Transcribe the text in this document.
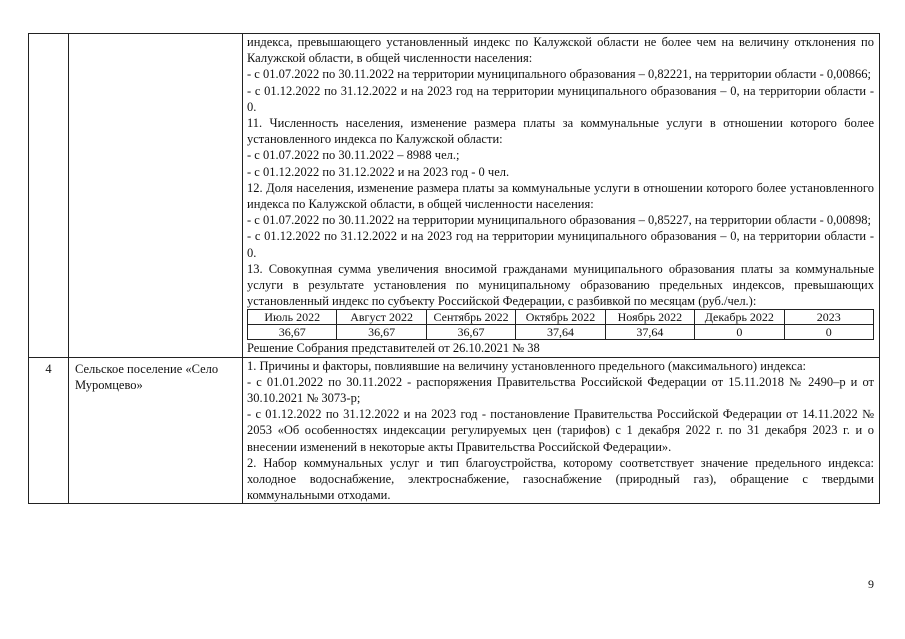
индекса, превышающего установленный индекс по Калужской области не более чем на величину отклонения по Калужской области, в общей численности населения:

- с 01.07.2022 по 30.11.2022 на территории муниципального образования – 0,82221, на территории области - 0,00866;

- с 01.12.2022 по 31.12.2022 и на 2023 год на территории муниципального образования – 0, на территории области - 0.

11. Численность населения, изменение размера платы за коммунальные услуги в отношении которого более установленного индекса по Калужской области:

- с 01.07.2022 по 30.11.2022 – 8988 чел.;

- с 01.12.2022 по 31.12.2022 и на 2023 год - 0 чел.

12. Доля населения, изменение размера платы за коммунальные услуги в отношении которого более установленного индекса по Калужской области, в общей численности населения:

- с 01.07.2022 по 30.11.2022 на территории муниципального образования – 0,85227, на территории области - 0,00898;

- с 01.12.2022 по 31.12.2022 и на 2023 год на территории муниципального образования – 0, на территории области - 0.

13. Совокупная сумма увеличения вносимой гражданами муниципального образования платы за коммунальные услуги в результате установления по муниципальному образованию предельных индексов, превышающих установленный индекс по субъекту Российской Федерации, с разбивкой по месяцам (руб./чел.):

Июль 2022	Август 2022	Сентябрь 2022	Октябрь 2022	Ноябрь 2022	Декабрь 2022	2023
36,67	36,67	36,67	37,64	37,64	0	0

Решение Собрания представителей от 26.10.2021 № 38

4	Сельское поселение «Село Муромцево»	

1. Причины и факторы, повлиявшие на величину установленного предельного (максимального) индекса:

- с 01.01.2022 по 30.11.2022 - распоряжения Правительства Российской Федерации от 15.11.2018 № 2490–р и от 30.10.2021 № 3073-р;

- с 01.12.2022 по 31.12.2022 и на 2023 год - постановление Правительства Российской Федерации от 14.11.2022 № 2053 «Об особенностях индексации регулируемых цен (тарифов) с 1 декабря 2022 г. по 31 декабря 2023 г. и о внесении изменений в некоторые акты Правительства Российской Федерации».

2. Набор коммунальных услуг и тип благоустройства, которому соответствует значение предельного индекса: холодное водоснабжение, электроснабжение, газоснабжение (природный газ), обращение с твердыми коммунальными отходами.

9
